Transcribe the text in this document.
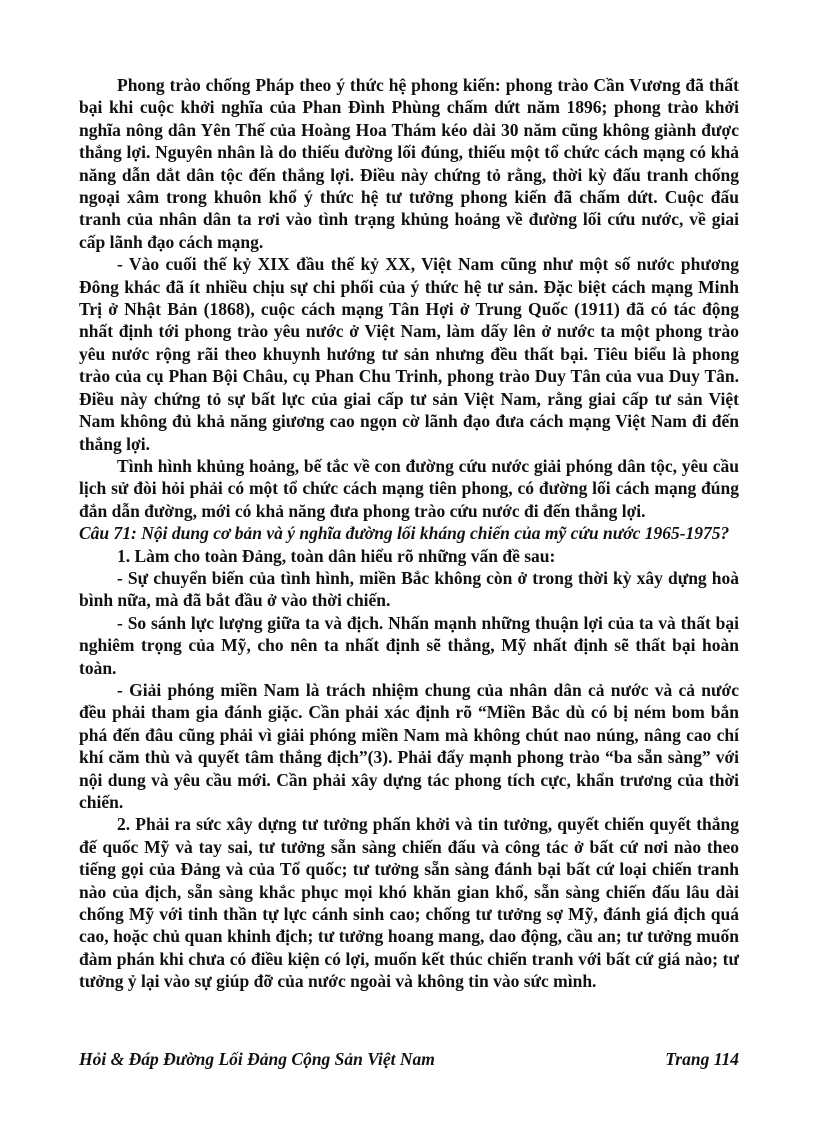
Phong trào chống Pháp theo ý thức hệ phong kiến: phong trào Cần Vương đã thất bại khi cuộc khởi nghĩa của Phan Đình Phùng chấm dứt năm 1896; phong trào khởi nghĩa nông dân Yên Thế của Hoàng Hoa Thám kéo dài 30 năm cũng không giành được thắng lợi. Nguyên nhân là do thiếu đường lối đúng, thiếu một tổ chức cách mạng có khả năng dẫn dắt dân tộc đến thắng lợi. Điều này chứng tỏ rằng, thời kỳ đấu tranh chống ngoại xâm trong khuôn khổ ý thức hệ tư tưởng phong kiến đã chấm dứt. Cuộc đấu tranh của nhân dân ta rơi vào tình trạng khủng hoảng về đường lối cứu nước, về giai cấp lãnh đạo cách mạng.

- Vào cuối thế kỷ XIX đầu thế kỷ XX, Việt Nam cũng như một số nước phương Đông khác đã ít nhiều chịu sự chi phối của ý thức hệ tư sản. Đặc biệt cách mạng Minh Trị ở Nhật Bản (1868), cuộc cách mạng Tân Hợi ở Trung Quốc (1911) đã có tác động nhất định tới phong trào yêu nước ở Việt Nam, làm dấy lên ở nước ta một phong trào yêu nước rộng rãi theo khuynh hướng tư sản nhưng đều thất bại. Tiêu biểu là phong trào của cụ Phan Bội Châu, cụ Phan Chu Trinh, phong trào Duy Tân của vua Duy Tân. Điều này chứng tỏ sự bất lực của giai cấp tư sản Việt Nam, rằng giai cấp tư sản Việt Nam không đủ khả năng giương cao ngọn cờ lãnh đạo đưa cách mạng Việt Nam đi đến thắng lợi.

Tình hình khủng hoảng, bế tắc về con đường cứu nước giải phóng dân tộc, yêu cầu lịch sử đòi hỏi phải có một tổ chức cách mạng tiên phong, có đường lối cách mạng đúng đắn dẫn đường, mới có khả năng đưa phong trào cứu nước đi đến thắng lợi.

Câu 71: Nội dung cơ bản và ý nghĩa đường lối kháng chiến của mỹ cứu nước 1965-1975?

1. Làm cho toàn Đảng, toàn dân hiểu rõ những vấn đề sau:

- Sự chuyển biến của tình hình, miền Bắc không còn ở trong thời kỳ xây dựng hoà bình nữa, mà đã bắt đầu ở vào thời chiến.

- So sánh lực lượng giữa ta và địch. Nhấn mạnh những thuận lợi của ta và thất bại nghiêm trọng của Mỹ, cho nên ta nhất định sẽ thắng, Mỹ nhất định sẽ thất bại hoàn toàn.

- Giải phóng miền Nam là trách nhiệm chung của nhân dân cả nước và cả nước đều phải tham gia đánh giặc. Cần phải xác định rõ “Miền Bắc dù có bị ném bom bắn phá đến đâu cũng phải vì giải phóng miền Nam mà không chút nao núng, nâng cao chí khí căm thù và quyết tâm thắng địch”(3). Phải đẩy mạnh phong trào “ba sẵn sàng” với nội dung và yêu cầu mới. Cần phải xây dựng tác phong tích cực, khẩn trương của thời chiến.

2. Phải ra sức xây dựng tư tưởng phấn khởi và tin tưởng, quyết chiến quyết thắng đế quốc Mỹ và tay sai, tư tưởng sẵn sàng chiến đấu và công tác ở bất cứ nơi nào theo tiếng gọi của Đảng và của Tổ quốc; tư tưởng sẵn sàng đánh bại bất cứ loại chiến tranh nào của địch, sẵn sàng khắc phục mọi khó khăn gian khổ, sẵn sàng chiến đấu lâu dài chống Mỹ với tinh thần tự lực cánh sinh cao; chống tư tưởng sợ Mỹ, đánh giá địch quá cao, hoặc chủ quan khinh địch; tư tưởng hoang mang, dao động, cầu an; tư tưởng muốn đàm phán khi chưa có điều kiện có lợi, muốn kết thúc chiến tranh với bất cứ giá nào; tư tưởng ỷ lại vào sự giúp đỡ của nước ngoài và không tin vào sức mình.

Hỏi & Đáp Đường Lối Đảng Cộng Sản Việt Nam	Trang 114
